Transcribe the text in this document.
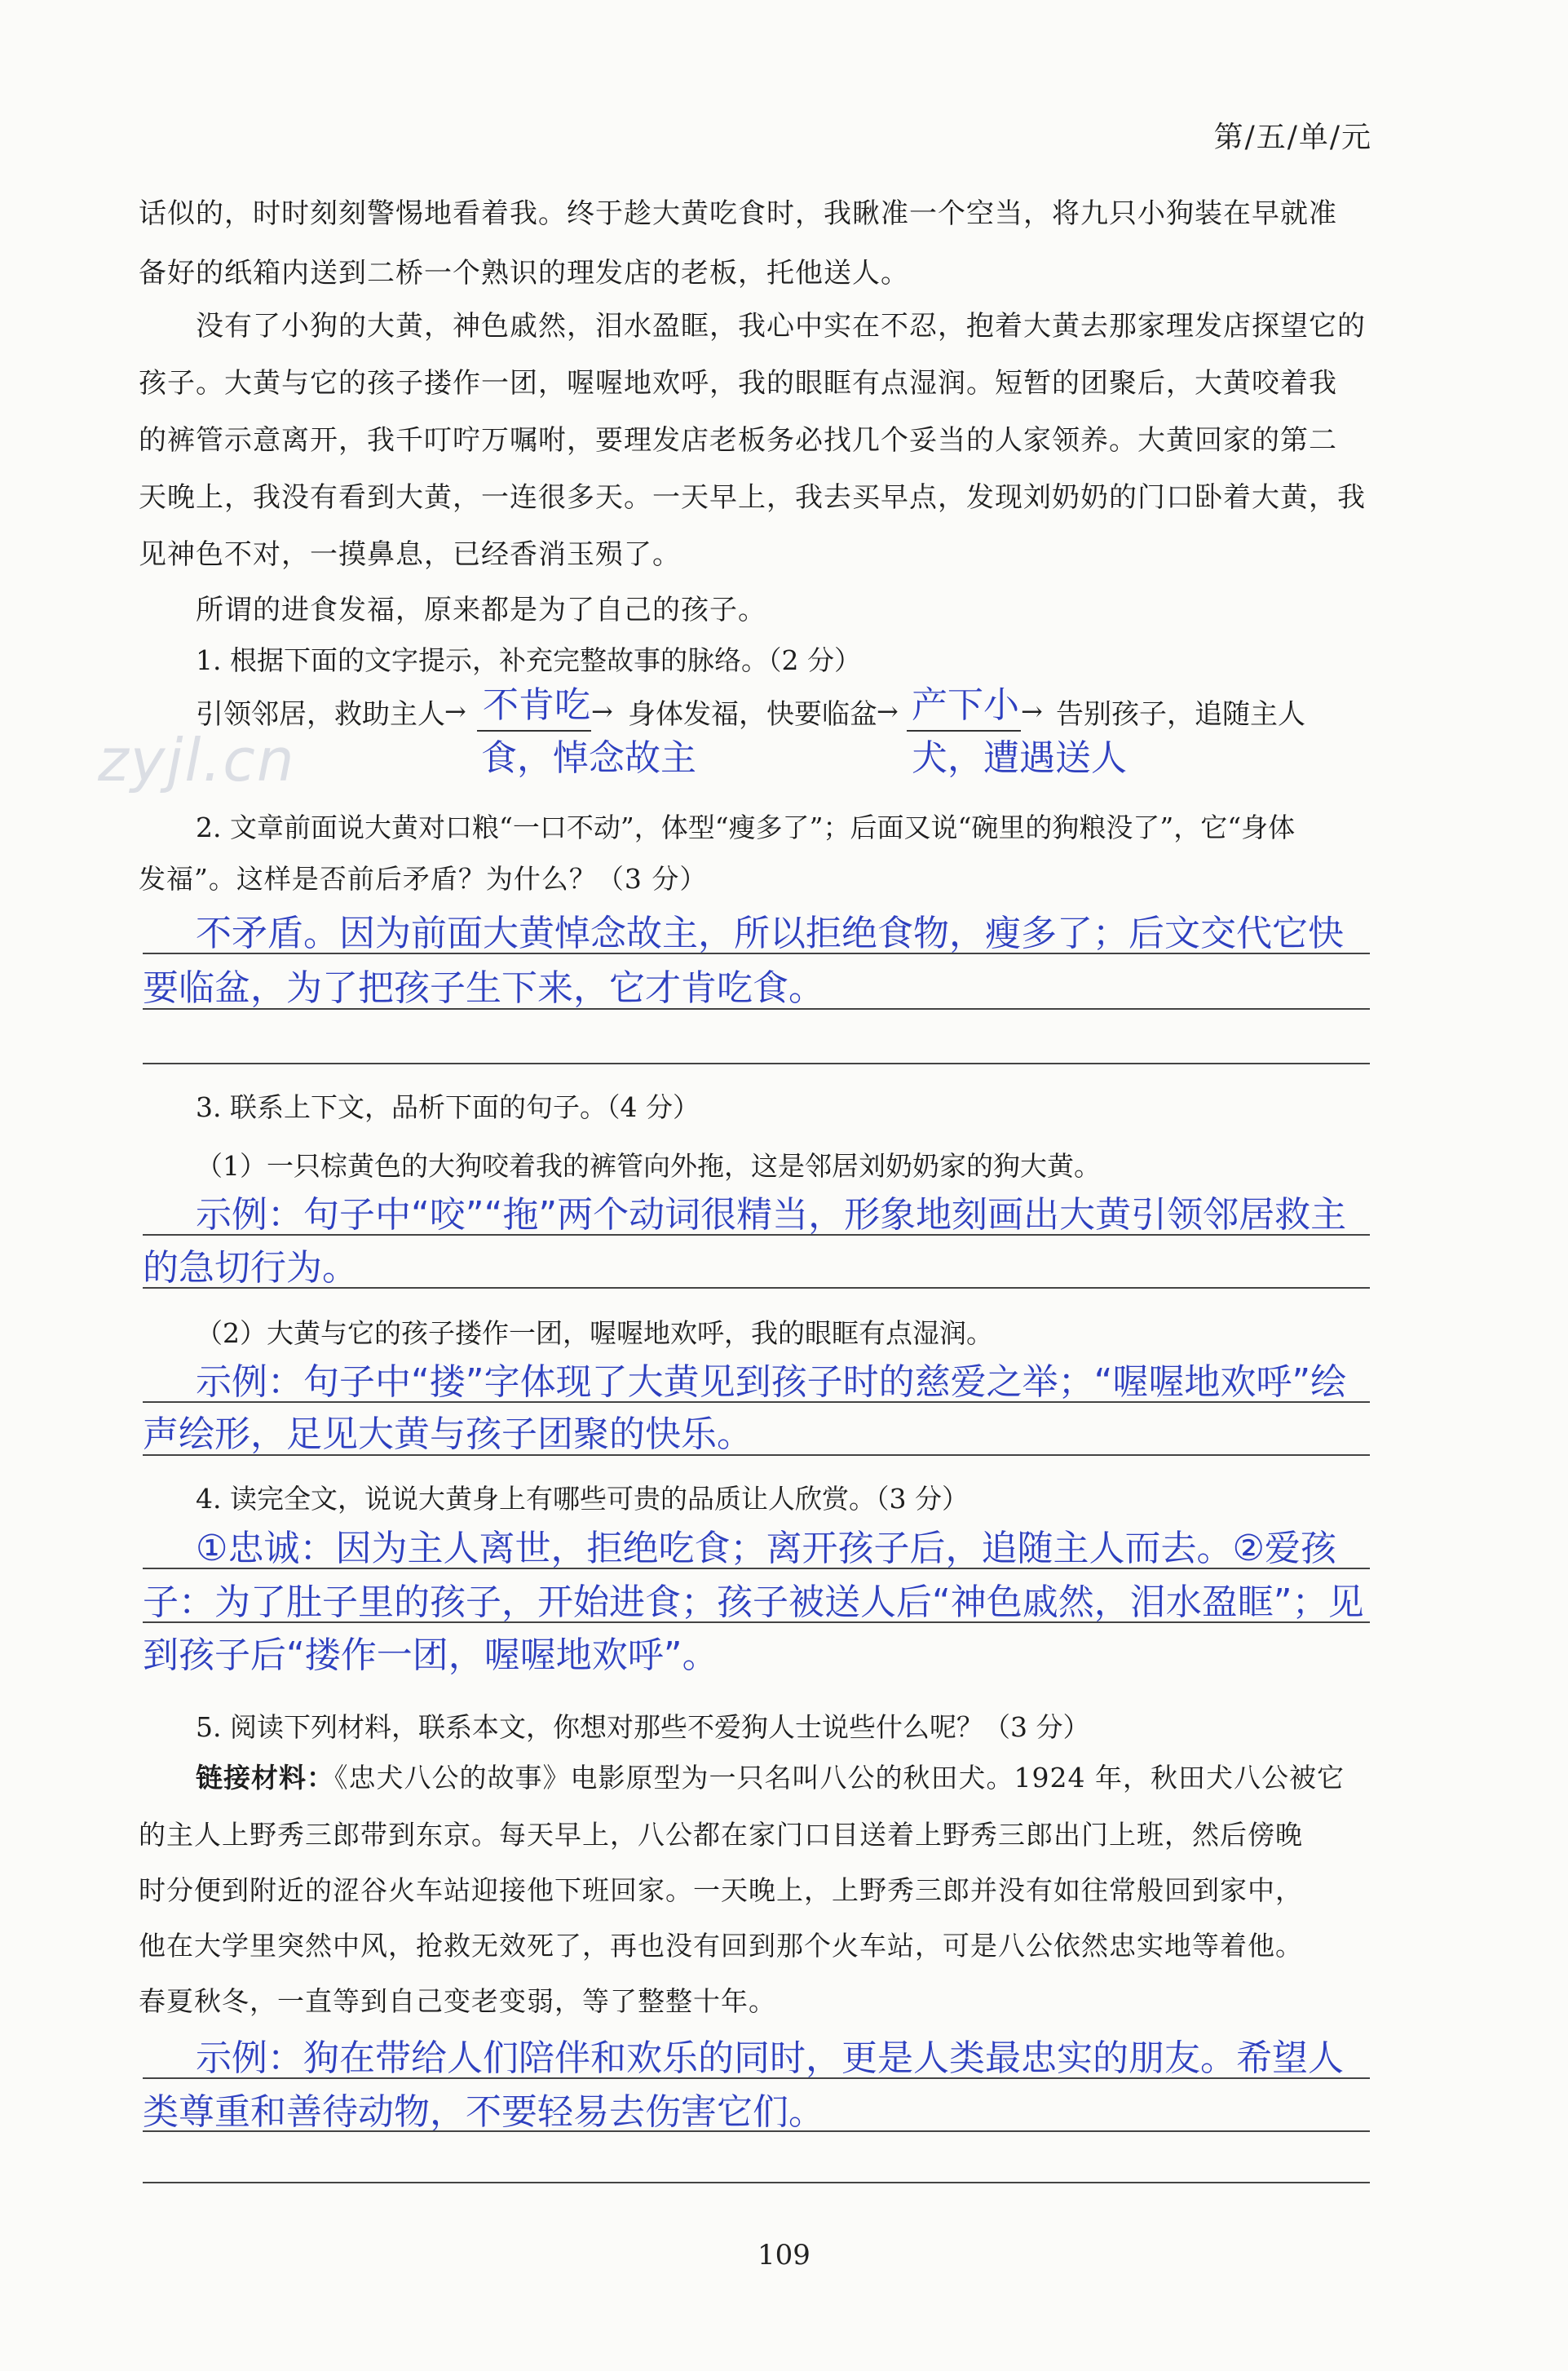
第/五/单/元
zyjl.cn
话似的，时时刻刻警惕地看着我。终于趁大黄吃食时，我瞅准一个空当，将九只小狗装在早就准
备好的纸箱内送到二桥一个熟识的理发店的老板，托他送人。
没有了小狗的大黄，神色戚然，泪水盈眶，我心中实在不忍，抱着大黄去那家理发店探望它的
孩子。大黄与它的孩子搂作一团，喔喔地欢呼，我的眼眶有点湿润。短暂的团聚后，大黄咬着我
的裤管示意离开，我千叮咛万嘱咐，要理发店老板务必找几个妥当的人家领养。大黄回家的第二
天晚上，我没有看到大黄，一连很多天。一天早上，我去买早点，发现刘奶奶的门口卧着大黄，我
见神色不对，一摸鼻息，已经香消玉殒了。
所谓的进食发福，原来都是为了自己的孩子。
1. 根据下面的文字提示，补充完整故事的脉络。（2 分）
引领邻居，救助主人 → 不肯吃 → 身体发福，快要临盆 → 产下小 → 告别孩子，追随主人
食，悼念故主	犬，遭遇送人
2. 文章前面说大黄对口粮“一口不动”，体型“瘦多了”；后面又说“碗里的狗粮没了”，它“身体
发福”。这样是否前后矛盾？为什么？（3 分）
不矛盾。因为前面大黄悼念故主，所以拒绝食物，瘦多了；后文交代它快
要临盆，为了把孩子生下来，它才肯吃食。
3. 联系上下文，品析下面的句子。（4 分）
（1）一只棕黄色的大狗咬着我的裤管向外拖，这是邻居刘奶奶家的狗大黄。
示例：句子中“咬”“拖”两个动词很精当，形象地刻画出大黄引领邻居救主
的急切行为。
（2）大黄与它的孩子搂作一团，喔喔地欢呼，我的眼眶有点湿润。
示例：句子中“搂”字体现了大黄见到孩子时的慈爱之举；“喔喔地欢呼”绘
声绘形，足见大黄与孩子团聚的快乐。
4. 读完全文，说说大黄身上有哪些可贵的品质让人欣赏。（3 分）
①忠诚：因为主人离世，拒绝吃食；离开孩子后，追随主人而去。②爱孩
子：为了肚子里的孩子，开始进食；孩子被送人后“神色戚然，泪水盈眶”；见
到孩子后“搂作一团，喔喔地欢呼”。
5. 阅读下列材料，联系本文，你想对那些不爱狗人士说些什么呢？（3 分）
链接材料：《忠犬八公的故事》电影原型为一只名叫八公的秋田犬。1924 年，秋田犬八公被它
的主人上野秀三郎带到东京。每天早上，八公都在家门口目送着上野秀三郎出门上班，然后傍晚
时分便到附近的涩谷火车站迎接他下班回家。一天晚上，上野秀三郎并没有如往常般回到家中，
他在大学里突然中风，抢救无效死了，再也没有回到那个火车站，可是八公依然忠实地等着他。
春夏秋冬，一直等到自己变老变弱，等了整整十年。
示例：狗在带给人们陪伴和欢乐的同时，更是人类最忠实的朋友。希望人
类尊重和善待动物，不要轻易去伤害它们。
109
